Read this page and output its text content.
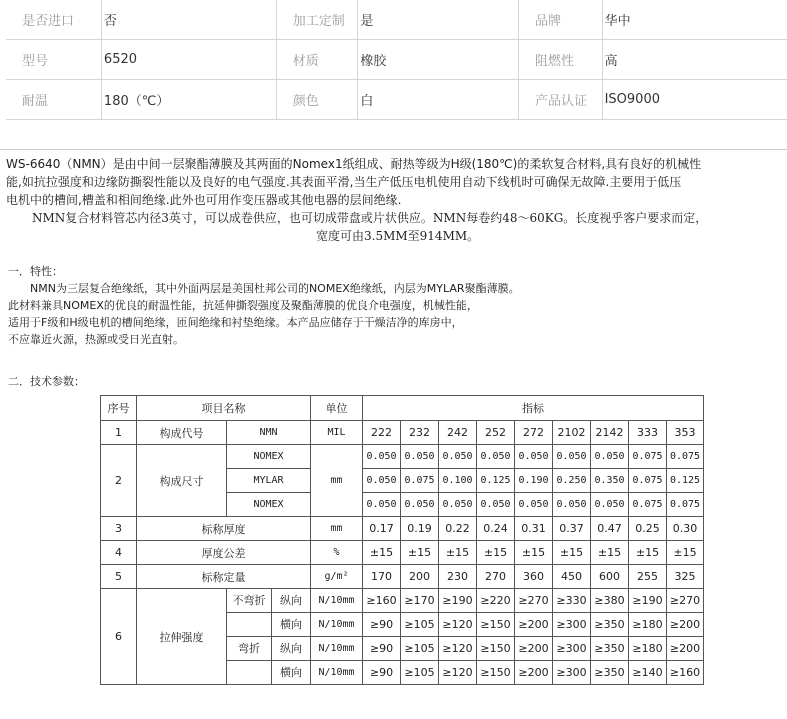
是否进口	否	加工定制	是	品牌	华中
型号	6520	材质	橡胶	阻燃性	高
耐温	180（℃）	颜色	白	产品认证	ISO9000
WS-6640（NMN）是由中间一层聚酯薄膜及其两面的Nomex1纸组成、耐热等级为H级(180℃)的柔软复合材料,具有良好的机械性
能,如抗拉强度和边缘防撕裂性能以及良好的电气强度.其表面平滑,当生产低压电机使用自动下线机时可确保无故障.主要用于低压
电机中的槽间,槽盖和相间绝缘.此外也可用作变压器或其他电器的层间绝缘.
NMN复合材料管芯内径3英寸，可以成卷供应，也可切成带盘或片状供应。NMN每卷约48～60KG。长度视乎客户要求而定，
宽度可由3.5MM至914MM。
一．特性：
NMN为三层复合绝缘纸，其中外面两层是美国杜邦公司的NOMEX绝缘纸，内层为MYLAR聚酯薄膜。
此材料兼具NOMEX的优良的耐温性能，抗延伸撕裂强度及聚酯薄膜的优良介电强度，机械性能，
适用于F级和H级电机的槽间绝缘，匝间绝缘和衬垫绝缘。本产品应储存于干燥洁净的库房中，
不应靠近火源，热源或受日光直射。
二．技术参数：
序号	项目名称		单位	指标								
1	构成代号	NMN	MIL	222	232	242	252	272	2102	2142	333	353
2	构成尺寸	NOMEX	mm	0.050	0.050	0.050	0.050	0.050	0.050	0.050	0.075	0.075
		MYLAR		0.050	0.075	0.100	0.125	0.190	0.250	0.350	0.075	0.125
		NOMEX		0.050	0.050	0.050	0.050	0.050	0.050	0.050	0.075	0.075
3	标称厚度		mm	0.17	0.19	0.22	0.24	0.31	0.37	0.47	0.25	0.30
4	厚度公差		%	±15	±15	±15	±15	±15	±15	±15	±15	±15
5	标称定量		g/m²	170	200	230	270	360	450	600	255	325
6	拉伸强度	不弯折 纵向	N/10mm	≥160	≥170	≥190	≥220	≥270	≥330	≥380	≥190	≥270
		横向	N/10mm	≥90	≥105	≥120	≥150	≥200	≥300	≥350	≥180	≥200
		弯折 纵向	N/10mm	≥90	≥105	≥120	≥150	≥200	≥300	≥350	≥180	≥200
		横向	N/10mm	≥90	≥105	≥120	≥150	≥200	≥300	≥350	≥140	≥160
